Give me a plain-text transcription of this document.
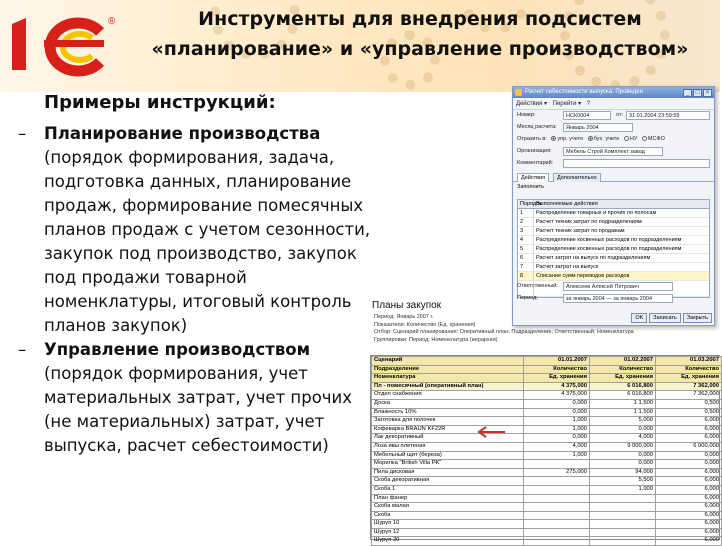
®	Инструменты для внедрения подсистем «планирование» и «управление производством»
Примеры инструкций:
– Планирование производства
(порядок формирования, задача, подготовка данных, планирование продаж, формирование помесячных планов продаж с учетом сезонности, закупок под производство, закупок под продажи товарной номенклатуры, итоговый контроль планов закупок)
– Управление производством
(порядок формирования, учет материальных затрат, учет прочих (не материальных) затрат, учет выпуска, расчет себестоимости)
Расчет себестоимости выпуска: Проведен	_ □ ×
Действия ▾ Перейти ▾ ?
Номер:	НСК0004	от:	31.01.2004 23:59:59
Месяц расчета:	Январь 2004
Отразить в: упр. учете бух. учете НУ МСФО
Организация:	Мебель Строй Комплект завод
Комментарий:
Действия	Дополнительно
Заполнить
Порядок
Выполняемые действия
1	Распределение товарных и прочих по полосам
2	Расчет техник затрат по подразделениям
3	Расчет техник затрат по продажам
4	Распределение косвенных расходов по подразделениям
5	Распределение косвенных расходов по подразделениям
6	Расчет затрат на выпуск по подразделениям
7	Расчет затрат на выпуск
8	Списание сумм переводов расходов
Ответственный:	Алексеев Алексей Петрович
Период:	за январь 2004 — за январь 2004
OK Записать Закрыть
Планы закупок
Период: Январь 2007 г.
Показатели: Количество (Ед. хранения)
Отбор: Сценарий планирования: Оперативный план; Подразделение; Ответственный; Номенклатура
Группировки: Период; Номенклатура (иерархия)
Сценарий	01.01.2007	01.02.2007	01.03.2007
Подразделение	Количество	Количество	Количество
Номенклатура	Ед. хранения	Ед. хранения	Ед. хранения
Пл - помесячный (оперативный план)	4 375,000	6 016,800	7 362,000
Отдел снабжения	4 375,000	6 016,800	7 362,000
Доска	0,000	1 1,500	0,500
Влажность 10%	0,000	1 1,500	0,500
Заготовка для полочек	1,000	5,000	6,000
Кофеварка BRAUN KF22R	1,000	0,000	6,000
Лак декоративный	0,000	4,000	6,000
Лоза ивы плетеная	4,000	9 000,000	6 000,000
Мебельный щит (береза)	1,000	0,000	0,000
Морилка "British Villa PK"		0,000	0,000
Пила дисковая	275,000	94,000	6,000
Скоба декоративная		5,500	6,000
Скоба 1		1,000	6,000
План фанер			6,000
Скоба малая			6,000
Скоба			6,000
Шуруп 10			6,000
Шуруп 12			6,000
Шуруп 20			6,000
